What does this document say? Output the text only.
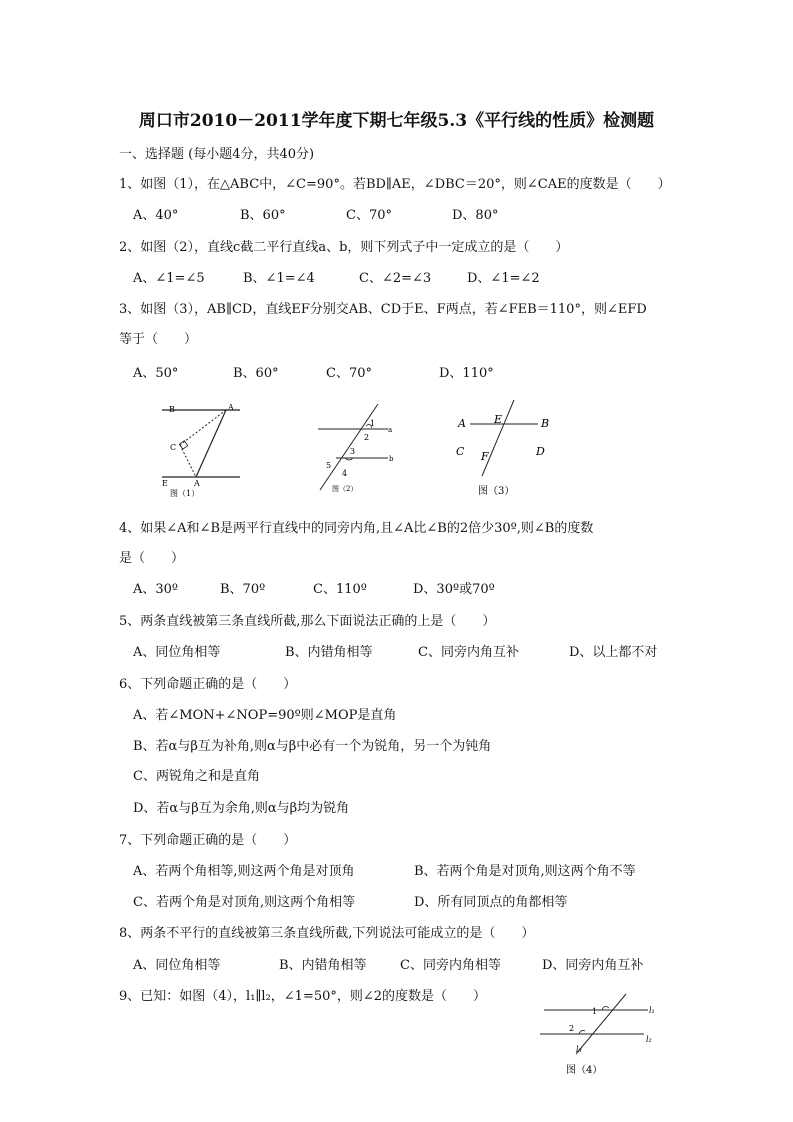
周口市2010－2011学年度下期七年级5.3《平行线的性质》检测题
一、选择题 (每小题4分，共40分)
1、如图（1），在△ABC中，∠C=90°。若BD∥AE，∠DBC＝20°，则∠CAE的度数是（　　）
A、40°	B、60°	C、70°	D、80°
2、如图（2），直线c截二平行直线a、b，则下列式子中一定成立的是（　　）
A、∠1=∠5	B、∠1=∠4	C、∠2=∠3	D、∠1=∠2
3、如图（3），AB∥CD，直线EF分别交AB、CD于E、F两点，若∠FEB＝110°，则∠EFD
等于（　　）
A、50°	B、60°	C、70°	D、110°
B	A
C
E	A
图（1）
1
2
a
3
5
4
b
图（2）
A	E	B
C F	D
图（3）
4、如果∠A和∠B是两平行直线中的同旁内角,且∠A比∠B的2倍少30º,则∠B的度数
是（　　）
A、30º	B、70º	C、110º	D、30º或70º
5、两条直线被第三条直线所截,那么下面说法正确的上是（　　）
A、同位角相等	B、内错角相等	C、同旁内角互补	D、以上都不对
6、下列命题正确的是（　　）
A、若∠MON+∠NOP=90º则∠MOP是直角
B、若α与β互为补角,则α与β中必有一个为锐角，另一个为钝角
C、两锐角之和是直角
D、若α与β互为余角,则α与β均为锐角
7、下列命题正确的是（　　）
A、若两个角相等,则这两个角是对顶角	B、若两个角是对顶角,则这两个角不等
C、若两个角是对顶角,则这两个角相等	D、所有同顶点的角都相等
8、两条不平行的直线被第三条直线所截,下列说法可能成立的是（　　）
A、同位角相等	B、内错角相等	C、同旁内角相等	D、同旁内角互补
9、已知：如图（4），l₁∥l₂，∠1=50°，则∠2的度数是（　　）
1	l₁
2
l₂
l₃
图（4）
